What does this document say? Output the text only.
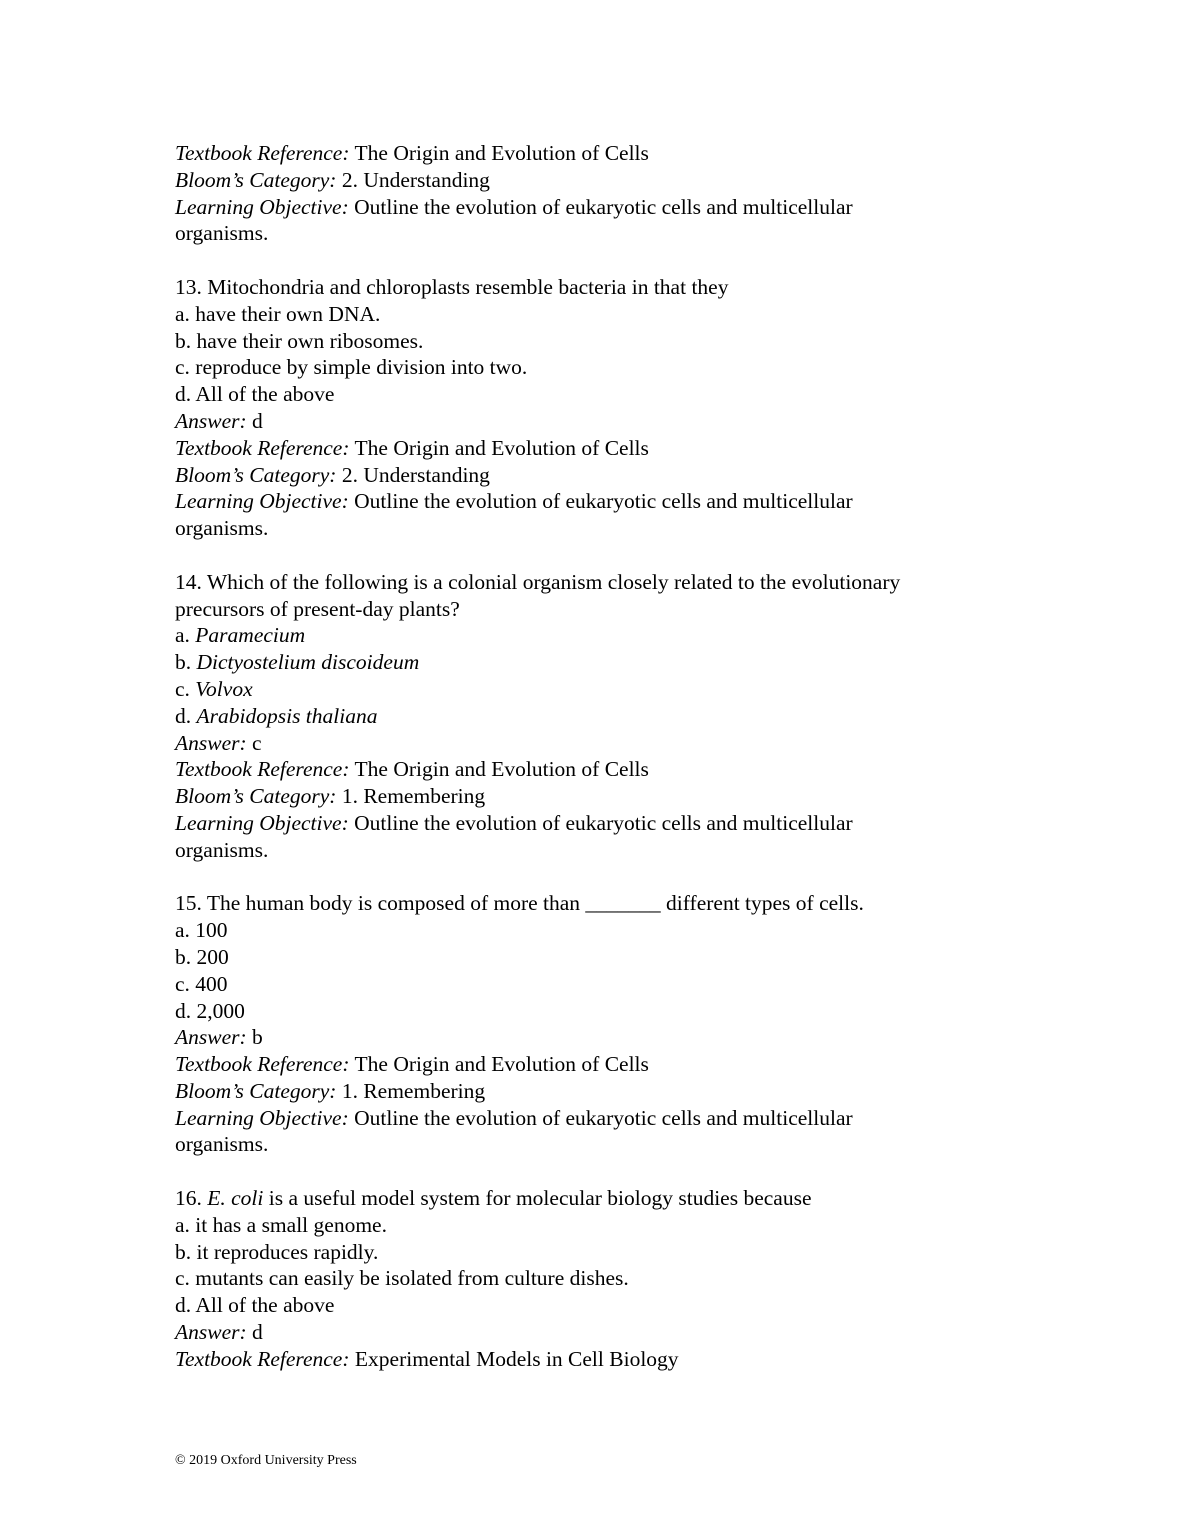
Textbook Reference: The Origin and Evolution of Cells
Bloom’s Category: 2. Understanding
Learning Objective: Outline the evolution of eukaryotic cells and multicellular
organisms.
13. Mitochondria and chloroplasts resemble bacteria in that they
a. have their own DNA.
b. have their own ribosomes.
c. reproduce by simple division into two.
d. All of the above
Answer: d
Textbook Reference: The Origin and Evolution of Cells
Bloom’s Category: 2. Understanding
Learning Objective: Outline the evolution of eukaryotic cells and multicellular
organisms.
14. Which of the following is a colonial organism closely related to the evolutionary
precursors of present-day plants?
a. Paramecium
b. Dictyostelium discoideum
c. Volvox
d. Arabidopsis thaliana
Answer: c
Textbook Reference: The Origin and Evolution of Cells
Bloom’s Category: 1. Remembering
Learning Objective: Outline the evolution of eukaryotic cells and multicellular
organisms.
15. The human body is composed of more than _______ different types of cells.
a. 100
b. 200
c. 400
d. 2,000
Answer: b
Textbook Reference: The Origin and Evolution of Cells
Bloom’s Category: 1. Remembering
Learning Objective: Outline the evolution of eukaryotic cells and multicellular
organisms.
16. E. coli is a useful model system for molecular biology studies because
a. it has a small genome.
b. it reproduces rapidly.
c. mutants can easily be isolated from culture dishes.
d. All of the above
Answer: d
Textbook Reference: Experimental Models in Cell Biology
© 2019 Oxford University Press
